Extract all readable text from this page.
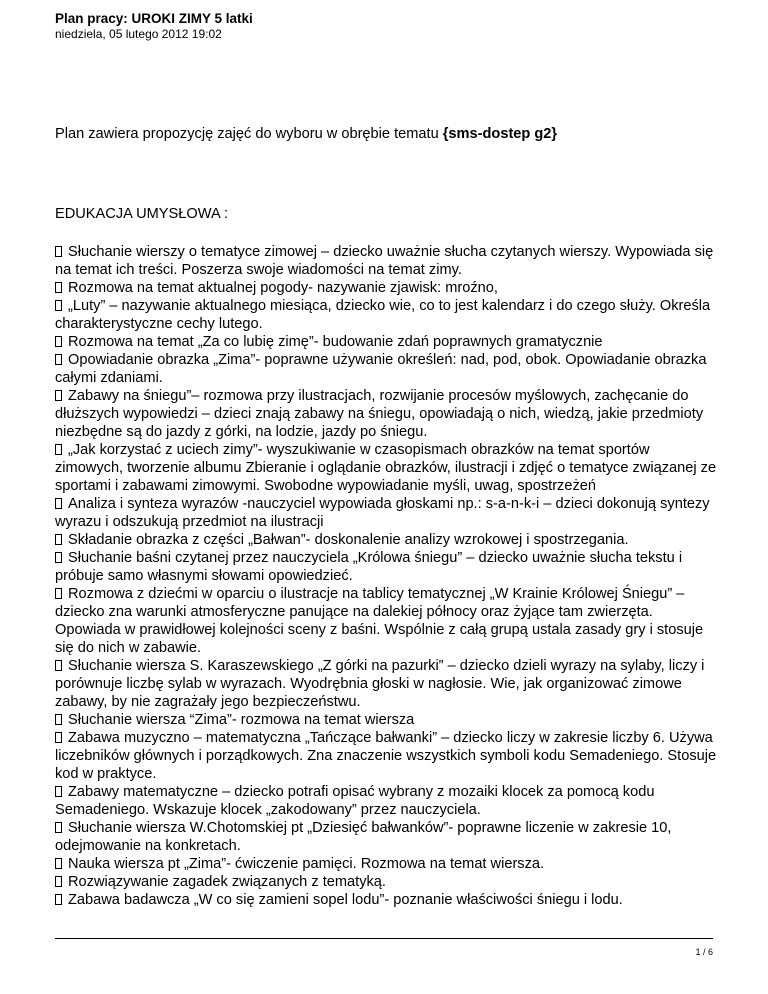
Plan pracy: UROKI ZIMY 5 latki
niedziela, 05 lutego 2012 19:02
Plan zawiera propozycję zajęć do wyboru w obrębie tematu {sms-dostep g2}
EDUKACJA UMYSŁOWA :
Słuchanie wierszy o tematyce zimowej – dziecko uważnie słucha czytanych wierszy. Wypowiada się na temat ich treści. Poszerza swoje wiadomości na temat zimy.
Rozmowa na temat aktualnej pogody- nazywanie zjawisk: mroźno,
„Luty” – nazywanie aktualnego miesiąca, dziecko wie, co to jest kalendarz i do czego służy. Określa charakterystyczne cechy lutego.
Rozmowa na temat „Za co lubię zimę”- budowanie zdań poprawnych gramatycznie
Opowiadanie obrazka „Zima”- poprawne używanie określeń: nad, pod, obok. Opowiadanie obrazka całymi zdaniami.
Zabawy na śniegu”– rozmowa przy ilustracjach, rozwijanie procesów myślowych, zachęcanie do dłuższych wypowiedzi – dzieci znają zabawy na śniegu, opowiadają o nich, wiedzą, jakie przedmioty niezbędne są do jazdy z górki, na lodzie, jazdy po śniegu.
„Jak korzystać z uciech zimy”- wyszukiwanie w czasopismach obrazków na temat sportów zimowych, tworzenie albumu Zbieranie i oglądanie obrazków, ilustracji i zdjęć o tematyce związanej ze sportami i zabawami zimowymi. Swobodne wypowiadanie myśli, uwag, spostrzeżeń
Analiza i synteza wyrazów -nauczyciel wypowiada głoskami np.: s-a-n-k-i – dzieci dokonują syntezy wyrazu i odszukują przedmiot na ilustracji
Składanie obrazka z części „Bałwan”- doskonalenie analizy wzrokowej i spostrzegania.
Słuchanie baśni czytanej przez nauczyciela „Królowa śniegu” – dziecko uważnie słucha tekstu i próbuje samo własnymi słowami opowiedzieć.
Rozmowa z dziećmi w oparciu o ilustracje na tablicy tematycznej „W Krainie Królowej Śniegu” – dziecko zna warunki atmosferyczne panujące na dalekiej północy oraz żyjące tam zwierzęta. Opowiada w prawidłowej kolejności sceny z baśni. Wspólnie z całą grupą ustala zasady gry i stosuje się do nich w zabawie.
Słuchanie wiersza S. Karaszewskiego „Z górki na pazurki” – dziecko dzieli wyrazy na sylaby, liczy i porównuje liczbę sylab w wyrazach. Wyodrębnia głoski w nagłosie. Wie, jak organizować zimowe zabawy, by nie zagrażały jego bezpieczeństwu.
Słuchanie wiersza “Zima”- rozmowa na temat wiersza
Zabawa muzyczno – matematyczna „Tańczące bałwanki” – dziecko liczy w zakresie liczby 6. Używa liczebników głównych i porządkowych. Zna znaczenie wszystkich symboli kodu Semadeniego. Stosuje kod w praktyce.
Zabawy matematyczne – dziecko potrafi opisać wybrany z mozaiki klocek za pomocą kodu Semadeniego. Wskazuje klocek „zakodowany” przez nauczyciela.
Słuchanie wiersza W.Chotomskiej pt „Dziesięć bałwanków”- poprawne liczenie w zakresie 10, odejmowanie na konkretach.
Nauka wiersza pt „Zima”- ćwiczenie pamięci. Rozmowa na temat wiersza.
Rozwiązywanie zagadek związanych z tematyką.
Zabawa badawcza „W co się zamieni sopel lodu”- poznanie właściwości śniegu i lodu.
1 / 6
